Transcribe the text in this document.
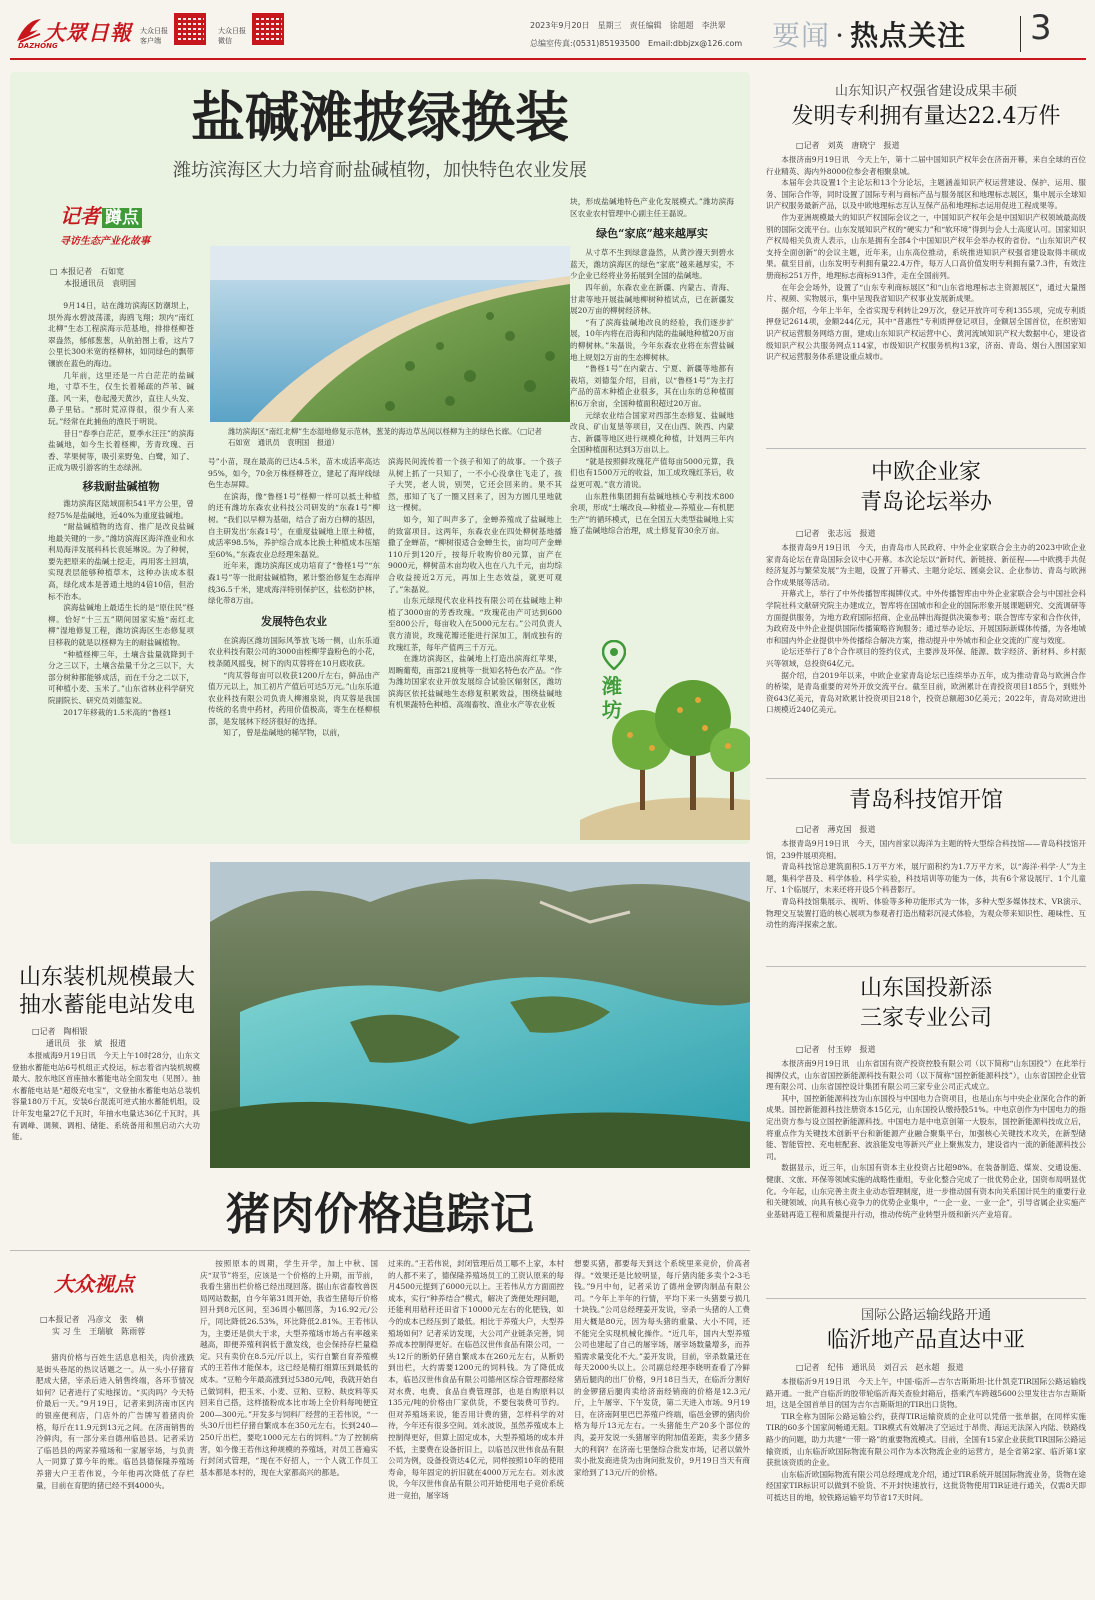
大眾日報
DAZHONG
大众日报
客户端
大众日报
微信
2023年9月20日　星期三　责任编辑　徐超超　李洪翠
总编室传真:(0531)85193500　Email:dbbjzx@126.com	要闻 · 热点关注	3
盐碱滩披绿换装
潍坊滨海区大力培育耐盐碱植物，加快特色农业发展
记者 蹲点
寻访生态产业化故事
□ 本报记者　石如宽
本报通讯员　袁明国

9月14日，站在潍坊滨海区防潮坝上，坝外海水碧波荡漾，海鸥飞翔；坝内“南红北柳”生态工程滨海示范基地，排排柽柳苍翠盎然，郁郁葱葱，从航拍图上看，这片7公里长300米宽的柽柳林，如同绿色的飘带镶嵌在蓝色的海边。

几年前，这里还是一片白茫茫的盐碱地，寸草不生，仅生长着稀疏的芦苇、碱蓬。风一来，卷起漫天黄沙，直往人头发、鼻子里钻。“那时荒凉得很，很少有人来玩。”经常在此捕鱼的渔民于明说。

昔日“春季白茫茫，夏季水汪汪”的滨海盐碱地，如今生长着柽柳，芳青玫瑰、百香、苹果树等，吸引来野兔、白鹭，知了、正成为吸引游客的生态绿洲。

移栽耐盐碱植物

潍坊滨海区陆域面积541平方公里，曾经75%是盐碱地，近40%为重度盐碱地。

“耐盐碱植物的选育、推广是改良盐碱地最关键的一步。”潍坊滨海区海洋渔业和水利局海洋发展科科长袁延琳说。为了种树，要先把原来的盐碱土挖走，再用客土回填，实现表层能够种植草木，这种办法成本很高，绿化成本是普通土地的4倍10倍，但治标不治本。

滨海盐碱地上最适生长的是“原住民”柽柳。恰好“十三五”期间国家实施“南红北柳”湿地修复工程，潍坊滨海区生态修复项目移栽的就是以柽柳为主的耐盐碱植物。

“种植柽柳三年，土壤含盐量就降到千分之三以下，土壤含盐量千分之三以下，大部分树种都能够成活，而在千分之二以下，可种植小麦、玉米了。”山东省林业科学研究院副院长、研究员刘德玺说。

2017年移栽的1.5米高的“鲁柽1

潍坊滨海区“南红北柳”生态湿地修复示范林，葱茏的海边草丛间以柽柳为主的绿色长廊。（□记者　石如宽　通讯员　袁明国　报道）

号”小苗，现在最高的已达4.5米，苗木成活率高达95%，如今，70余万株柽柳苍立，建起了海岸线绿色生态屏障。

在滨海，像“鲁柽1号”柽柳一样可以抵土种植的还有潍坊东森农业科技公司研发的“东森1号”柳树。“我们以早柳为基础，结合了南方白柳的基因，自主研发出‘东森1号’，在重度盐碱地上原土种植，成活率98.5%，养护综合成本比换土种植成本压缩至60%。”东森农业总经理朱磊说。

近年来，潍坊滨海区成功培育了“鲁柽1号”“东森1号”等一批耐盐碱植物，累计整治修复生态海岸线36.5千米，建成海洋特别保护区，盐松防护林，绿化带8万亩。

发展特色农业

在滨海区潍坊国际风筝放飞场一侧，山东乐道农业科技有限公司的3000亩桎柳芽盎粉色的小花，枝条随风摇曳，树下的肉苁蓉将在10月底收获。

“肉苁蓉每亩可以收获1200斤左右，鲜品由产值万元以上，加工初片产值后可达5万元。”山东乐道农业科技有限公司负责人柳湘泉说，肉苁蓉是我国传统的名贵中药材，药用价值极高，寄生在柽柳根部，是发展林下经济很好的选择。

知了，曾是盐碱地的稀罕物，以前，

滨海民间流传着一个孩子和知了的故事。一个孩子从树上抓了一只知了，一不小心没拿住飞走了，孩子大哭，老人说，别哭，它还会回来的。果不其然，那知了飞了一圈又回来了，因为方圆几里地就这一棵树。

如今，知了叫声多了，金蝉养殖成了盐碱地上的致富项目。这两年，东森农业在四处柳树基地播撒了金蝉苗，“柳树很适合金蝉生长，亩均可产金蝉110斤到120斤，按每斤收购价80元算，亩产在9000元，柳树苗木亩均收入也在八九千元，亩均综合收益接近2万元，再加上生态效益，就更可观了。”朱磊说。

山东元绿现代农业科技有限公司在盐碱地上种植了3000亩的芳香玫瑰。“玫瑰花由产可达到600至800公斤，每亩收入在5000元左右。”公司负责人袁方清说，玫瑰花瓣还能进行深加工，制成独有的玫瑰红茶，每年产值两三千万元。

在潍坊滨海区，盐碱地上打造出滨海红苹果，周畹葡萄，南部21度桃等一批知名特色农产品。“作为潍坊国家农业开放发展综合试验区辐射区，潍坊滨海区依托盐碱地生态修复积累效益，围绕盐碱地有机果蔬特色种植、高端畜牧、渔业水产等农业板

块，形成盐碱地特色产业化发展模式。”潍坊滨海区农业农村管理中心副主任王磊说。

绿色“家底”越来越厚实

从寸草不生到绿意盎然，从黄沙漫天到碧水蓝天，潍坊滨海区的绿色“家底”越来越厚实，不少企业已经将业务拓展到全国的盐碱地。

四年前，东森农业在新疆、内蒙古、青海、甘肃等地开展盐碱地柳树种植试点，已在新疆发展20万亩的柳树经济林。

“有了滨海盐碱地改良的经验，我们逐步扩展，10年内将在沿海和内陆的盐碱地种植20万亩的柳树林。”朱磊说，今年东森农业将在东营盐碱地上规划2万亩的生态柳树林。

“鲁柽1号”在内蒙古、宁夏、新疆等地都有栽培，刘德玺介绍，目前，以“鲁柽1号”为主打产品的苗木种植企业很多，其在山东的总种植面积6万余亩，全国种植面积超过20万亩。

元绿农业结合国家对西部生态修复、盐碱地改良、矿山复垦等项目，又在山西、陕西、内蒙古、新疆等地区进行规模化种植，计划两三年内全国种植面积达到3万亩以上。

“就是按照鲜玫瑰花产值每亩5000元算，我们也有1500万元的收益，加工成玫瑰红茶后，收益更可观。”袁方清说。

山东胜伟集团拥有盐碱地核心专利技术800余项，形成“土壤改良—种植业—养殖业—有机肥生产”的循环模式，已在全国五大类型盐碱地上实施了盐碱地综合治理，成土修复育30余万亩。

潍坊
山东装机规模最大
抽水蓄能电站发电
□记者　陶相银
通讯员　张　斌　报道

本报威海9月19日讯　今天上午10时28分，山东文登抽水蓄能电站6号机组正式投运，标志着省内装机规模最大、胶东地区首座抽水蓄能电站全面发电（见图）。抽水蓄能电站是“超级充电宝”，文登抽水蓄能电站总装机容量180万千瓦，安装6台混流可逆式抽水蓄能机组，设计年发电量27亿千瓦时，年抽水电量达36亿千瓦时，具有调峰、调频、调相、储能、系统备用和黑启动六大功能。

猪肉价格追踪记
大众视点
□本报记者　冯彦文　张　楠
实 习 生　王瑞敏　陈雨蓉

猪肉价格与百姓生活息息相关，肉价涨跌是街头巷尾的热议话题之一。从一头小仔猪育肥成大猪，宰杀后进入销售终端，各环节情况如何？记者进行了实地探访。“买肉吗？今天特价最后一天。”9月19日，记者来到济南市区内的银座便利店，门店外的广告牌写着猪肉价格，每斤在11.9元到13元之间。在济南销售的冷鲜肉，有一部分来自德州临邑县。记者采访了临邑县的两家养殖场和一家屠宰场，与负责人一同算了算今年的账。临邑县德保隆养殖场养猪大户王若伟说，今年他再次降低了存栏量，目前在育肥的猪已经不到4000头。

按照原本的周期，学生开学，加上中秋、国庆“双节”将至，应该是一个价格的上升期，而节前，我看生猪出栏价格已经出现回落。据山东省畜牧兽医局网站数据，自今年第31周开始，我省生猪每斤价格回升到8元区间，至36周小幅回落，为16.92元/公斤，同比降低26.53%，环比降低2.81%。王若伟认为，主要还是供大于求，大型养殖场市场占有率越来越高，即便养殖利润低于激发线，也会保持存栏量稳定。只有卖价在8.5元/斤以上，实行自繁自育养殖模式的王若伟才能保本，这已经是精打细算压到最低的成本。“豆粕今年最高涨到过5380元/吨，我就开始自己做饲料，把玉米、小麦、豆粕、豆粉、麸皮料等买回来自己搭，这样揸粉成本比市场上全价料每吨便宜200—300元。”开发多与饲料厂经营的王若伟说，“一头30斤出栏仔猪自繁成本在350元左右，长到240—250斤出栏，要吃1000元左右的饲料。”为了控制病害，如今像王若伟这种规模的养殖场，对员工普遍实行封闭式管理，“现在不好招人，一个人就工作员工基本都是本村的，现在大家都高兴的都是。

过来的。”王若伟说，封闭管理后员工哪不上家，本村的人都不来了，德保隆养殖场员工的工资认原来的每月4500元提到了6000元以上。王若伟从方方面面控成本，实行“种养结合”模式，解决了粪便处理问题，还能利用秸秆还田省下10000元左右的化肥钱，如今的成本已经压到了最低。相比于养殖大户，大型养殖场如何？记者采访发现，大公司产业链条完善，饲养成本控制得更好。在临邑汉世伟食品有限公司，一头12斤的断奶仔猪自繁成本在260元左右，从断奶到出栏，大约需要1200元的饲料钱。为了降低成本，临邑汉世伟食品有限公司德州区综合管理都经常对水费、电费、食品自费管理部，也是自购原料以135元/吨的价格由厂家供货，不要包装费可节约。但对养殖场来说，能否用计费的猪，怎样科学的对待，今年还有很多空间。刘永波说，虽然养殖成本上控制得更好，但算上固定成本，大型养殖场的成本并不低，主要费在设备折旧上，以临邑汉世伟食品有限公司为例，设备投资达4亿元，同样按照10年的使用寿命，每年固定的折旧就在4000万元左右。刘永波说，今年汉世伟食品有限公司开始使用电子竞价系统进一竞拍，屠宰场

想要买猪，都要每天到这个系统里来竞价，价高者得。“效果还是比较明显，每斤猪肉能多卖个2-3毛钱。”9月中旬，记者采访了德州金锣肉制品有限公司。“今年上半年的行情，平均下来一头猪要亏损几十块钱。”公司总经理姜开发说，宰杀一头猪的人工费用大概是80元，因为每头猪的重量、大小不同，还不能完全实现机械化操作。“近几年，国内大型养殖公司也建起了自己的屠宰场，屠宰场数量增多，而养殖需求量变化不大。”姜开发说，目前，宰杀数量还在每天2000头以上。公司副总经理李晓明查看了冷鲜猪后腿肉的出厂价格，9月18日当天，在临沂分割好的金锣猪后腿肉卖给济南经销商的价格是12.3元/斤，上午屠宰、下午发货，第二天进入市场。9月19日，在济南阿里巴巴养殖户终端，临邑金锣的猪肉价格为每斤13元左右。一头猪能生产20多个部位的肉，姜开发说一头猪屠宰的附加值差距，卖多少猪多大的利润？在济南七里堡综合批发市场，记者以做外卖小批发商进货为由询问批发价，9月19日当天有商家给到了13元/斤的价格。

山东知识产权强省建设成果丰硕
发明专利拥有量达22.4万件
□记者　刘英　唐晓宁　报道

本报济南9月19日讯　今天上午，第十二届中国知识产权年会在济南开幕，来自全球的百位行业精英、海内外8000位参会者相聚泉城。

本届年会共设置1个主论坛和13个分论坛，主题涵盖知识产权运营建设、保护、运用、服务、国际合作等，同时设置了国际专利与商标产品与服务展区和地理标志展区，集中展示全球知识产权服务最新产品，以及中欧地理标志互认互保产品和地理标志运用促进工程成果等。

作为亚洲规模最大的知识产权国际会议之一，中国知识产权年会是中国知识产权领域最高级别的国际交流平台。山东发展知识产权的“硬实力”和“软环境”得到与会人士高度认可。国家知识产权局相关负责人表示，山东是拥有全部4个中国知识产权年会举办权的省份。“山东知识产权支持全面创新”的会议主题，近年来，山东高位推动，系统推进知识产权强省建设取得丰硕成果。截至目前，山东发明专利拥有量22.4万件，每万人口高价值发明专利拥有量7.3件，有效注册商标251万件，地理标志商标913件，走在全国前列。

在年会会场外，设置了“山东专利商标展区”和“山东省地理标志主资源展区”，通过大量图片、视频、实物展示，集中呈现我省知识产权事业发展新成果。

据介绍，今年上半年，全省实现专利转让29万次，登记开放许可专利1355项，完成专利质押登记2614项，金额244亿元，其中“普惠性”专利质押登记项目，金额居全国首位，在织密知识产权运营服务网络方面，建成山东知识产权运营中心、黄河流域知识产权大数据中心，建设省级知识产权公共服务网点114家，市级知识产权服务机构13家，济南、青岛、烟台入围国家知识产权运营服务体系建设重点城市。

中欧企业家
青岛论坛举办
□记者　张志远　报道

本报青岛9月19日讯　今天，由青岛市人民政府、中外企业家联合会主办的2023中欧企业家青岛论坛在青岛国际会议中心开幕。本次论坛以“新时代、新链接、新征程——中欧携手共促经济复苏与繁荣发展”为主题，设置了开幕式、主题分论坛、圆桌会议、企业参访、青岛与欧洲合作成果展等活动。

开幕式上，举行了中外传播智库揭牌仪式。中外传播智库由中外企业家联合会与中国社会科学院社科文献研究院主办建成立，智库将在国城市和企业的国际形象开展课题研究、交流调研等方面提供服务，为地方政府国际招商、企业品牌出海提供决策参考；联合智库专家和合作伙伴，为政府及中外企业提供国际传播策略咨询服务；通过举办论坛、开展国际新媒体传播，为各地城市和国内外企业提供中外传播综合解决方案，推动提升中外城市和企业交流的广度与效度。

论坛还举行了8个合作项目的签约仪式，主要涉及环保、能源、数字经济、新材料、乡村振兴等领域，总投资64亿元。

据介绍，自2019年以来，中欧企业家青岛论坛已连续举办五年，成为推动青岛与欧洲合作的桥梁，是青岛重要的对外开放交流平台。截至目前，欧洲累计在青投资项目1855个，到账外资643亿美元，青岛对欧累计投资项目218个，投资总额超30亿美元；2022年，青岛对欧进出口规模近240亿美元。

青岛科技馆开馆
□记者　薄克国　报道

本报青岛9月19日讯　今天，国内首家以海洋为主题的特大型综合科技馆——青岛科技馆开馆，239件展项亮相。

青岛科技馆总建筑面积5.1万平方米，展厅面积约为1.7万平方米，以“海洋·科学·人”为主题，集科学普及、科学体验、科学实验，科技培训等功能为一体，共有6个常设展厅、1个儿童厅、1个临展厅，未来还将开设5个科普影厅。

青岛科技馆集展示、视听、体验等多种功能形式为一体，多种大型多媒体技术、VR演示、物理交互装置打造的核心展项为参观者打造出精彩沉浸式体验，为观众带来知识性、趣味性、互动性的海洋探索之旅。

山东国投新添
三家专业公司
□记者　付玉婷　报道

本报济南9月19日讯　山东省国有资产投资控股有限公司（以下简称“山东国投”）在此举行揭牌仪式，山东省国控新能源科技有限公司（以下简称“国控新能源科技”），山东省国控企业管理有限公司、山东省国控设计集团有限公司三家专业公司正式成立。

其中，国控新能源科技为山东国投与中国电力合资项目，也是山东与中央企业深化合作的新成果。国控新能源科技注册资本15亿元，山东国投认缴持股51%。中电京创作为中国电力的指定出资方参与设立国控新能源科技。中国电力是中电京创第一大股东，国控新能源科技成立后，将重点作为关键技术创新平台和新能源产业融合聚集平台，加强核心关键技术攻关，在新型储能、智能管控、充电桩配套、波浪能发电等新兴产业上聚焦发力，建设省内一流的新能源科技公司。

数据显示，近三年，山东国有资本主业投资占比超98%。在装备制造、煤炭、交通设施、健康、文旅、环保等领域实施的战略性重组，专业化整合完成了一批优势企业，国资布局明显优化。今年起，山东完善主责主业动态管理制度，进一步推动国有资本向关系国计民生的重要行业和关键领域、向具有核心竞争力的优势企业集中，“一企一业、一业一企”，引导省属企业实施产业基础再造工程和质量提升行动，推动传统产业转型升级和新兴产业培育。

国际公路运输线路开通
临沂地产品直达中亚
□记者　纪伟　通讯员　刘召云　赵永超　报道

本报临沂9月19日讯　今天上午，中国·临沂—吉尔吉斯斯坦·比什凯克TIR国际公路运输线路开通。一批产自临沂的胶带轮临沂海关查验封箱后，搭乘汽车跨越5600公里发往吉尔吉斯斯坦，这是全国首单目的国为吉尔吉斯斯坦的TIR出口货物。

TIR全称为国际公路运输公约，获得TIR运输资质的企业可以凭借一张单据，在同样实施TIR的60多个国家间畅通无阻。TIR模式有效解决了空运过于昂贵、海运无法深入内陆、铁路线路少的问题，助力共建“一带一路”的重要物流模式。目前，全国有15家企业获批TIR国际公路运输资质，山东临沂欧国际物流有限公司作为本次物流企业的运营方，是全省第2家、临沂第1家获批该资质的企业。

山东临沂欧国际物流有限公司总经理成龙介绍，通过TIR系统开展国际物流业务，货物在途经国家TIR标识可以做到不验货、不开封快速放行，这批货物使用TIR证进行通关，仅需8天即可抵达目的地，较铁路运输平均节省17天时间。
